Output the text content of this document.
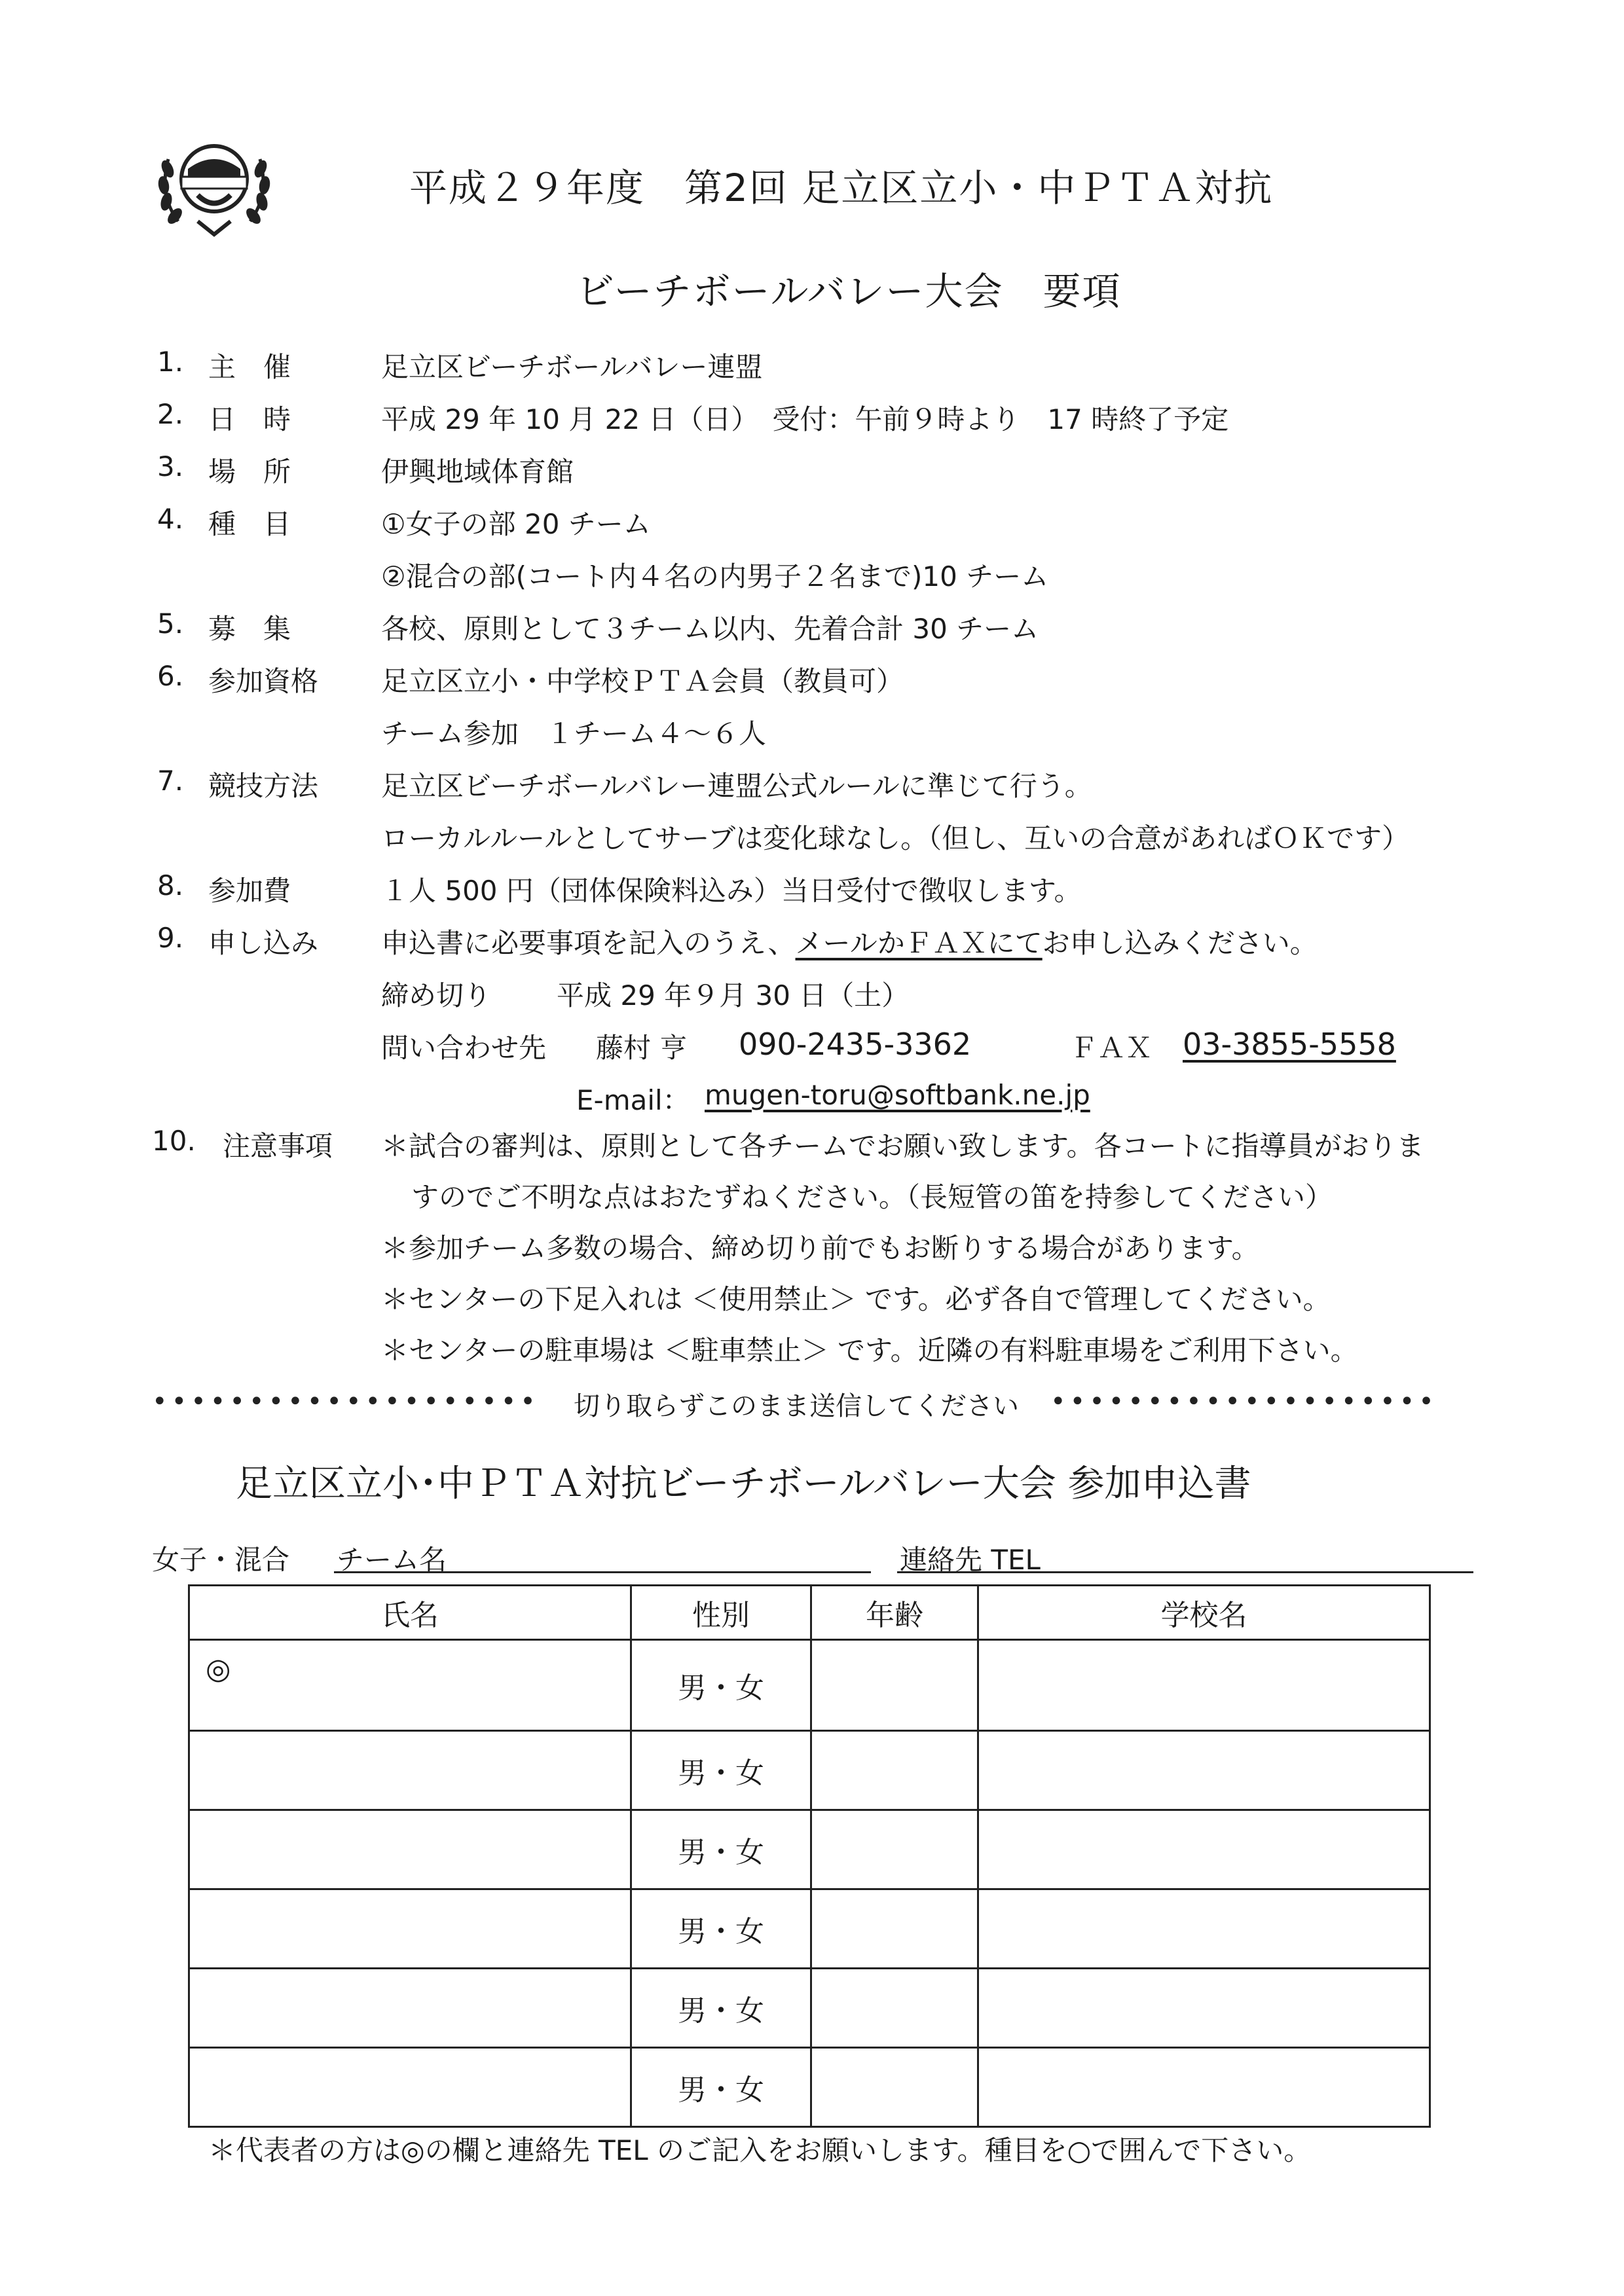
平成２９年度　第2回 足立区立小・中ＰＴＡ対抗
ビーチボールバレー大会　要項
1. 主　催	足立区ビーチボールバレー連盟
2. 日　時	平成 29 年 10 月 22 日（日）　受付：午前９時より　17 時終了予定
3. 場　所	伊興地域体育館
4. 種　目	①女子の部 20 チーム
②混合の部(コート内４名の内男子２名まで)10 チーム
5. 募　集	各校、原則として３チーム以内、先着合計 30 チーム
6. 参加資格 足立区立小・中学校ＰＴＡ会員（教員可）
チーム参加　１チーム４～６人
7. 競技方法 足立区ビーチボールバレー連盟公式ルールに準じて行う。
ローカルルールとしてサーブは変化球なし。（但し、互いの合意があればＯＫです）
8. 参加費	１人 500 円（団体保険料込み）当日受付で徴収します。
9. 申し込み 申込書に必要事項を記入のうえ、メールかＦＡＸにてお申し込みください。
締め切り 平成 29 年９月 30 日（土）
問い合わせ先 藤村 亨 090-2435-3362	ＦＡＸ 03-3855-5558
E-mail： mugen-toru@softbank.ne.jp
10. 注意事項 ＊試合の審判は、原則として各チームでお願い致します。各コートに指導員がおりま
すのでご不明な点はおたずねください。（長短管の笛を持参してください）
＊参加チーム多数の場合、締め切り前でもお断りする場合があります。
＊センターの下足入れは ＜使用禁止＞ です。必ず各自で管理してください。
＊センターの駐車場は ＜駐車禁止＞ です。近隣の有料駐車場をご利用下さい。
•••••••••••••••••••• 切り取らずこのまま送信してください ••••••••••••••••••••
足立区立小･中ＰＴＡ対抗ビーチボールバレー大会 参加申込書
女子・混合 チーム名	連絡先 TEL
氏名	性別	年齢	学校名
◎	男・女		
	男・女		
	男・女		
	男・女		
	男・女		
	男・女		
＊代表者の方は◎の欄と連絡先 TEL のご記入をお願いします。種目を○で囲んで下さい。
